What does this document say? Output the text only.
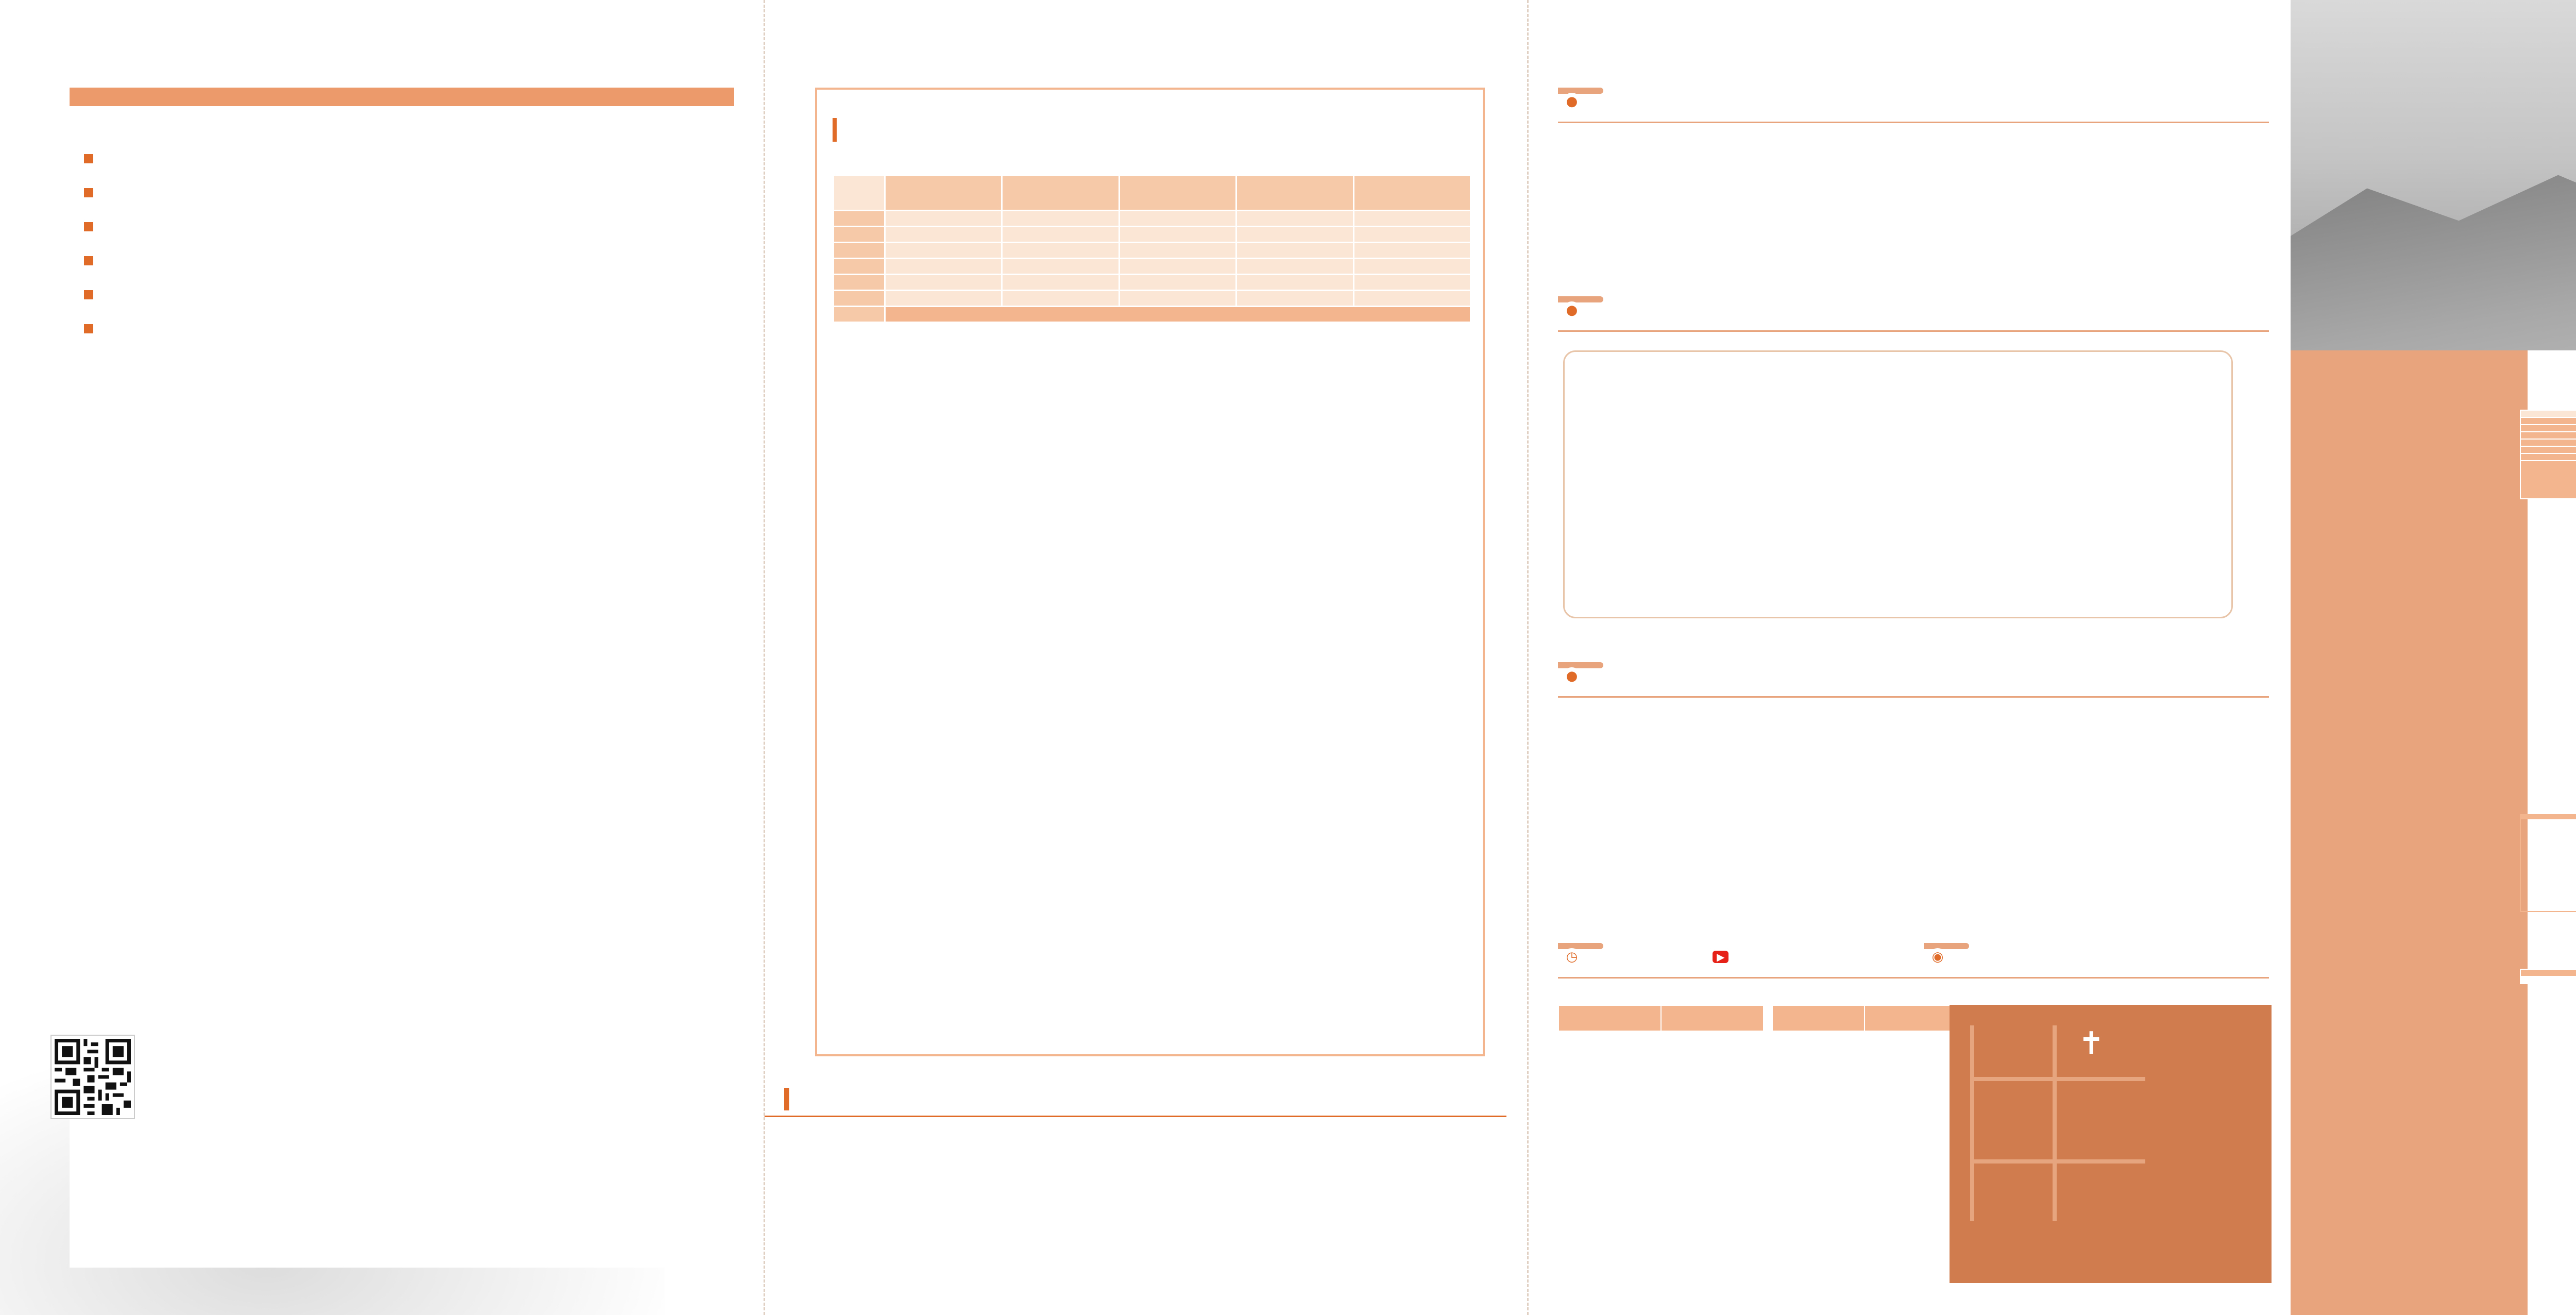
●
●
●
◷	▶

		◉
✝
